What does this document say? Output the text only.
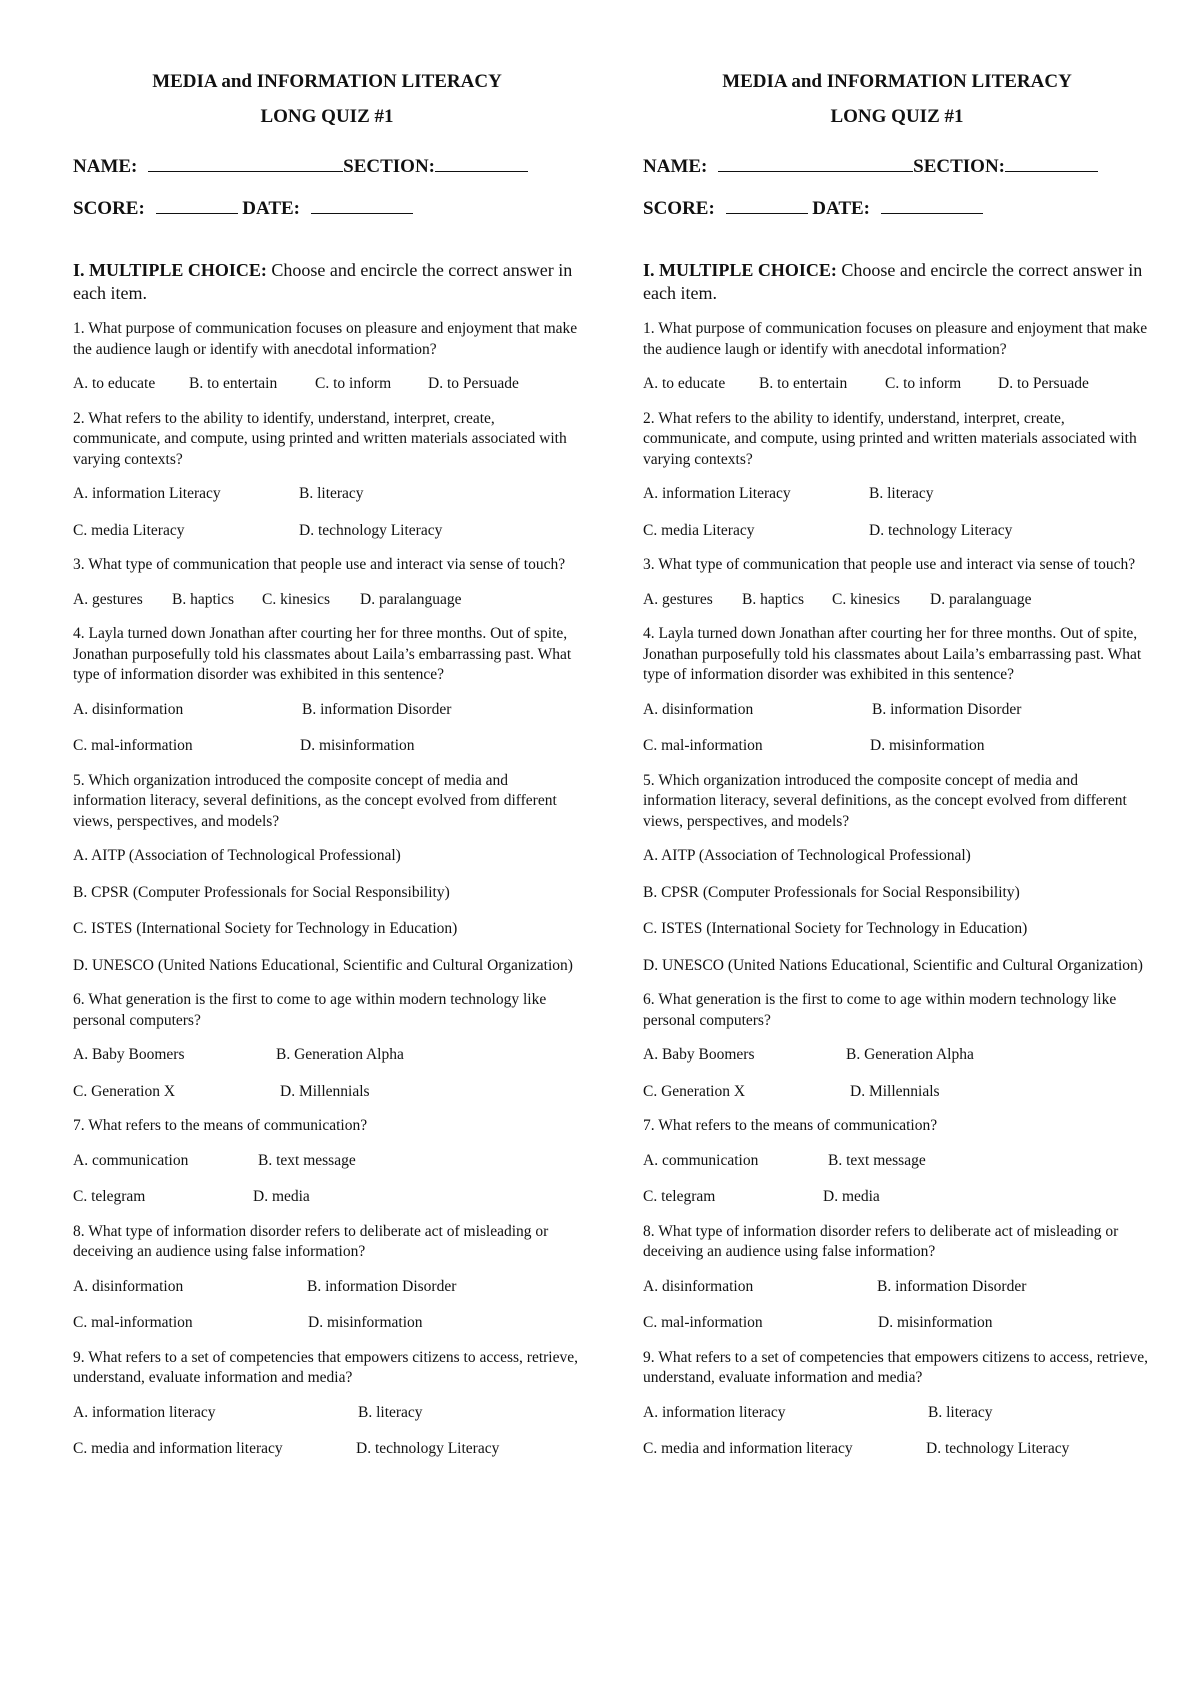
MEDIA and INFORMATION LITERACY
LONG QUIZ #1
NAME:	SECTION:
SCORE:	DATE:
I. MULTIPLE CHOICE: Choose and encircle the correct answer in each item.
1. What purpose of communication focuses on pleasure and enjoyment that make the audience laugh or identify with anecdotal information?
A. to educate B. to entertain C. to inform D. to Persuade
2. What refers to the ability to identify, understand, interpret, create, communicate, and compute, using printed and written materials associated with varying contexts?
A. information Literacy	B. literacy
C. media Literacy	D. technology Literacy
3. What type of communication that people use and interact via sense of touch?
A. gestures B. haptics C. kinesics D. paralanguage
4. Layla turned down Jonathan after courting her for three months. Out of spite, Jonathan purposefully told his classmates about Laila’s embarrassing past. What type of information disorder was exhibited in this sentence?
A. disinformation	B. information Disorder
C. mal-information	D. misinformation
5. Which organization introduced the composite concept of media and information literacy, several definitions, as the concept evolved from different views, perspectives, and models?
A. AITP (Association of Technological Professional)
B. CPSR (Computer Professionals for Social Responsibility)
C. ISTES (International Society for Technology in Education)
D. UNESCO (United Nations Educational, Scientific and Cultural Organization)
6. What generation is the first to come to age within modern technology like personal computers?
A. Baby Boomers	B. Generation Alpha
C. Generation X	D. Millennials
7. What refers to the means of communication?
A. communication	B. text message
C. telegram	D. media
8. What type of information disorder refers to deliberate act of misleading or deceiving an audience using false information?
A. disinformation	B. information Disorder
C. mal-information	D. misinformation
9. What refers to a set of competencies that empowers citizens to access, retrieve, understand, evaluate information and media?
A. information literacy	B. literacy
C. media and information literacy	D. technology Literacy
MEDIA and INFORMATION LITERACY
LONG QUIZ #1
NAME:	SECTION:
SCORE:	DATE:
I. MULTIPLE CHOICE: Choose and encircle the correct answer in each item.
1. What purpose of communication focuses on pleasure and enjoyment that make the audience laugh or identify with anecdotal information?
A. to educate B. to entertain C. to inform D. to Persuade
2. What refers to the ability to identify, understand, interpret, create, communicate, and compute, using printed and written materials associated with varying contexts?
A. information Literacy	B. literacy
C. media Literacy	D. technology Literacy
3. What type of communication that people use and interact via sense of touch?
A. gestures B. haptics C. kinesics D. paralanguage
4. Layla turned down Jonathan after courting her for three months. Out of spite, Jonathan purposefully told his classmates about Laila’s embarrassing past. What type of information disorder was exhibited in this sentence?
A. disinformation	B. information Disorder
C. mal-information	D. misinformation
5. Which organization introduced the composite concept of media and information literacy, several definitions, as the concept evolved from different views, perspectives, and models?
A. AITP (Association of Technological Professional)
B. CPSR (Computer Professionals for Social Responsibility)
C. ISTES (International Society for Technology in Education)
D. UNESCO (United Nations Educational, Scientific and Cultural Organization)
6. What generation is the first to come to age within modern technology like personal computers?
A. Baby Boomers	B. Generation Alpha
C. Generation X	D. Millennials
7. What refers to the means of communication?
A. communication	B. text message
C. telegram	D. media
8. What type of information disorder refers to deliberate act of misleading or deceiving an audience using false information?
A. disinformation	B. information Disorder
C. mal-information	D. misinformation
9. What refers to a set of competencies that empowers citizens to access, retrieve, understand, evaluate information and media?
A. information literacy	B. literacy
C. media and information literacy	D. technology Literacy
